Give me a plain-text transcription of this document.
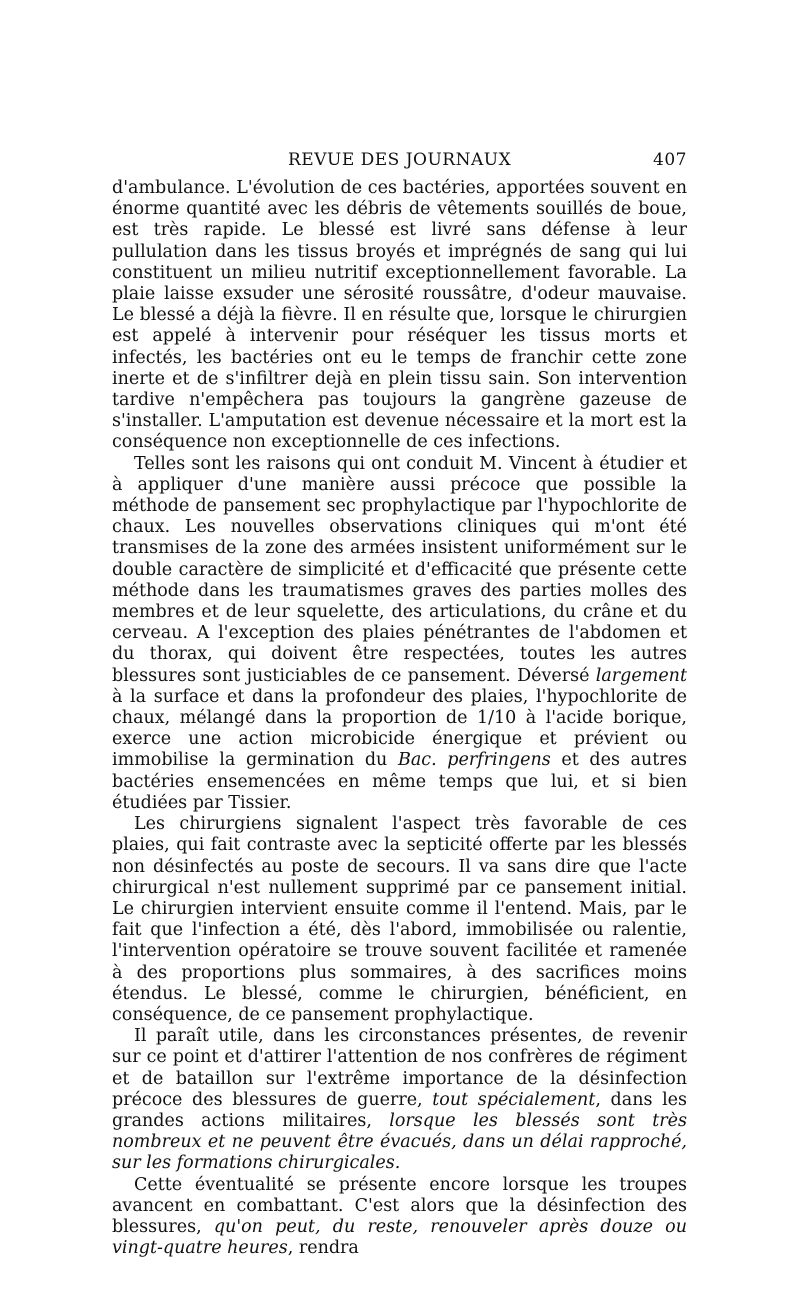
REVUE DES JOURNAUX	407

d'ambulance. L'évolution de ces bactéries, apportées souvent en énorme quantité avec les débris de vêtements souillés de boue, est très rapide. Le blessé est livré sans défense à leur pullulation dans les tissus broyés et imprégnés de sang qui lui constituent un milieu nutritif exceptionnellement favorable. La plaie laisse exsuder une sérosité roussâtre, d'odeur mauvaise. Le blessé a déjà la fièvre. Il en résulte que, lorsque le chirurgien est appelé à intervenir pour réséquer les tissus morts et infectés, les bactéries ont eu le temps de franchir cette zone inerte et de s'infiltrer dejà en plein tissu sain. Son intervention tardive n'empêchera pas toujours la gangrène gazeuse de s'installer. L'amputation est devenue nécessaire et la mort est la conséquence non exceptionnelle de ces infections.

Telles sont les raisons qui ont conduit M. Vincent à étudier et à appliquer d'une manière aussi précoce que possible la méthode de pansement sec prophylactique par l'hypochlorite de chaux. Les nouvelles observations cliniques qui m'ont été transmises de la zone des armées insistent uniformément sur le double caractère de simplicité et d'efficacité que présente cette méthode dans les traumatismes graves des parties molles des membres et de leur squelette, des articulations, du crâne et du cerveau. A l'exception des plaies pénétrantes de l'abdomen et du thorax, qui doivent être respectées, toutes les autres blessures sont justiciables de ce pansement. Déversé largement à la surface et dans la profondeur des plaies, l'hypochlorite de chaux, mélangé dans la proportion de 1/10 à l'acide borique, exerce une action microbicide énergique et prévient ou immobilise la germination du Bac. perfringens et des autres bactéries ensemencées en même temps que lui, et si bien étudiées par Tissier.

Les chirurgiens signalent l'aspect très favorable de ces plaies, qui fait contraste avec la septicité offerte par les blessés non désinfectés au poste de secours. Il va sans dire que l'acte chirurgical n'est nullement supprimé par ce pansement initial. Le chirurgien intervient ensuite comme il l'entend. Mais, par le fait que l'infection a été, dès l'abord, immobilisée ou ralentie, l'intervention opératoire se trouve souvent facilitée et ramenée à des proportions plus sommaires, à des sacrifices moins étendus. Le blessé, comme le chirurgien, bénéficient, en conséquence, de ce pansement prophylactique.

Il paraît utile, dans les circonstances présentes, de revenir sur ce point et d'attirer l'attention de nos confrères de régiment et de bataillon sur l'extrême importance de la désinfection précoce des blessures de guerre, tout spécialement, dans les grandes actions militaires, lorsque les blessés sont très nombreux et ne peuvent être évacués, dans un délai rapproché, sur les formations chirurgicales.

Cette éventualité se présente encore lorsque les troupes avancent en combattant. C'est alors que la désinfection des blessures, qu'on peut, du reste, renouveler après douze ou vingt-quatre heures, rendra
